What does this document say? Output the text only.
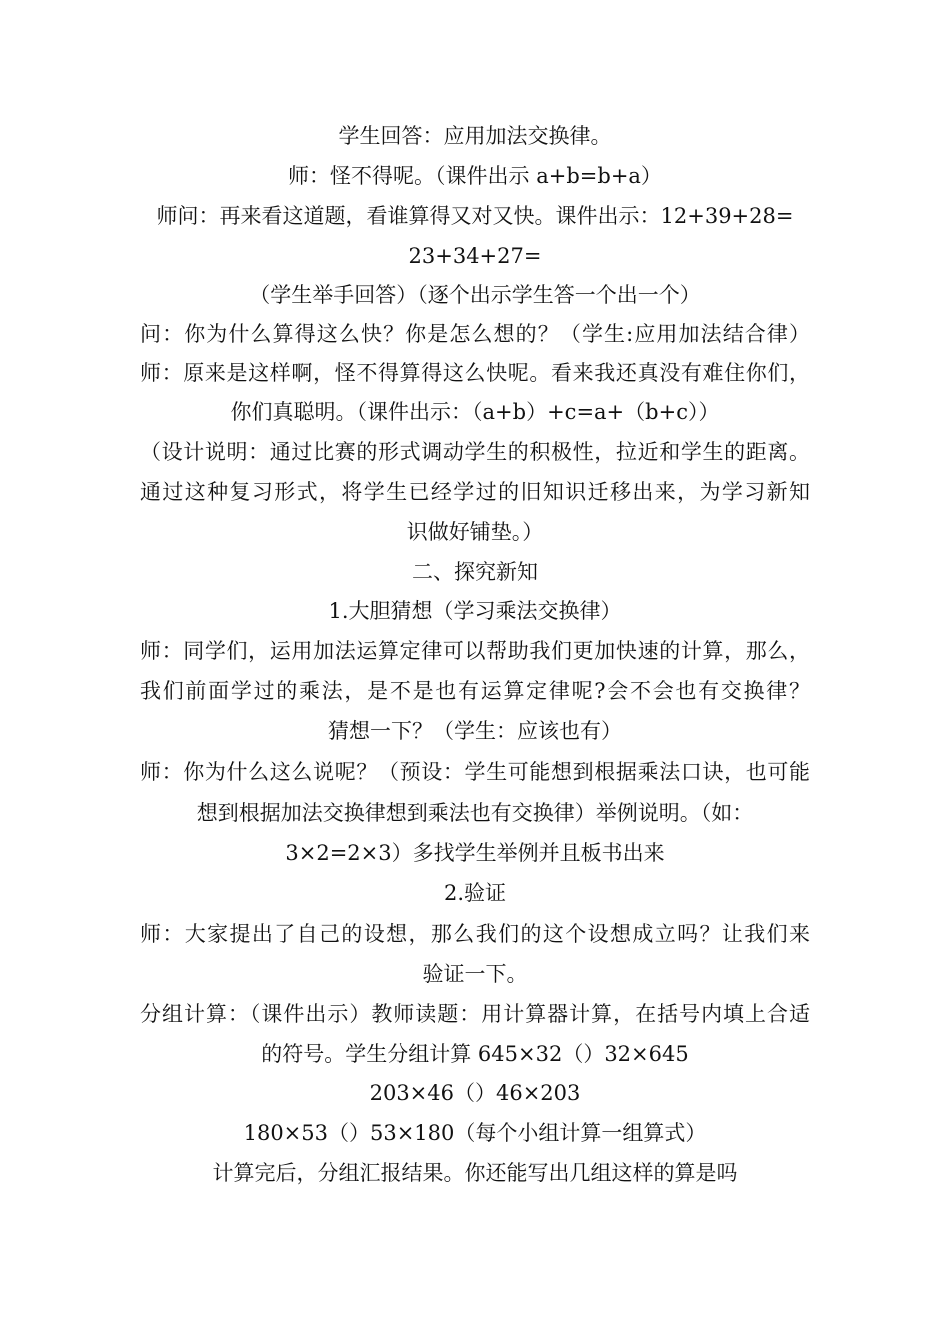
学生回答：应用加法交换律。
师：怪不得呢。（课件出示 a+b=b+a）
师问：再来看这道题，看谁算得又对又快。课件出示：12+39+28=
23+34+27=
（学生举手回答）（逐个出示学生答一个出一个）
问：你为什么算得这么快？你是怎么想的？（学生:应用加法结合律）
师：原来是这样啊，怪不得算得这么快呢。看来我还真没有难住你们，
你们真聪明。（课件出示：（a+b）+c=a+（b+c））
（设计说明：通过比赛的形式调动学生的积极性，拉近和学生的距离。
通过这种复习形式，将学生已经学过的旧知识迁移出来，为学习新知
识做好铺垫。）
二、探究新知
1.大胆猜想（学习乘法交换律）
师：同学们，运用加法运算定律可以帮助我们更加快速的计算，那么，
我们前面学过的乘法，是不是也有运算定律呢?会不会也有交换律？
猜想一下？（学生：应该也有）
师：你为什么这么说呢？（预设：学生可能想到根据乘法口诀，也可能
想到根据加法交换律想到乘法也有交换律）举例说明。（如：
3×2=2×3）多找学生举例并且板书出来
2.验证
师：大家提出了自己的设想，那么我们的这个设想成立吗？让我们来
验证一下。
分组计算：（课件出示）教师读题：用计算器计算，在括号内填上合适
的符号。学生分组计算 645×32（）32×645
203×46（）46×203
180×53（）53×180（每个小组计算一组算式）
计算完后，分组汇报结果。你还能写出几组这样的算是吗
